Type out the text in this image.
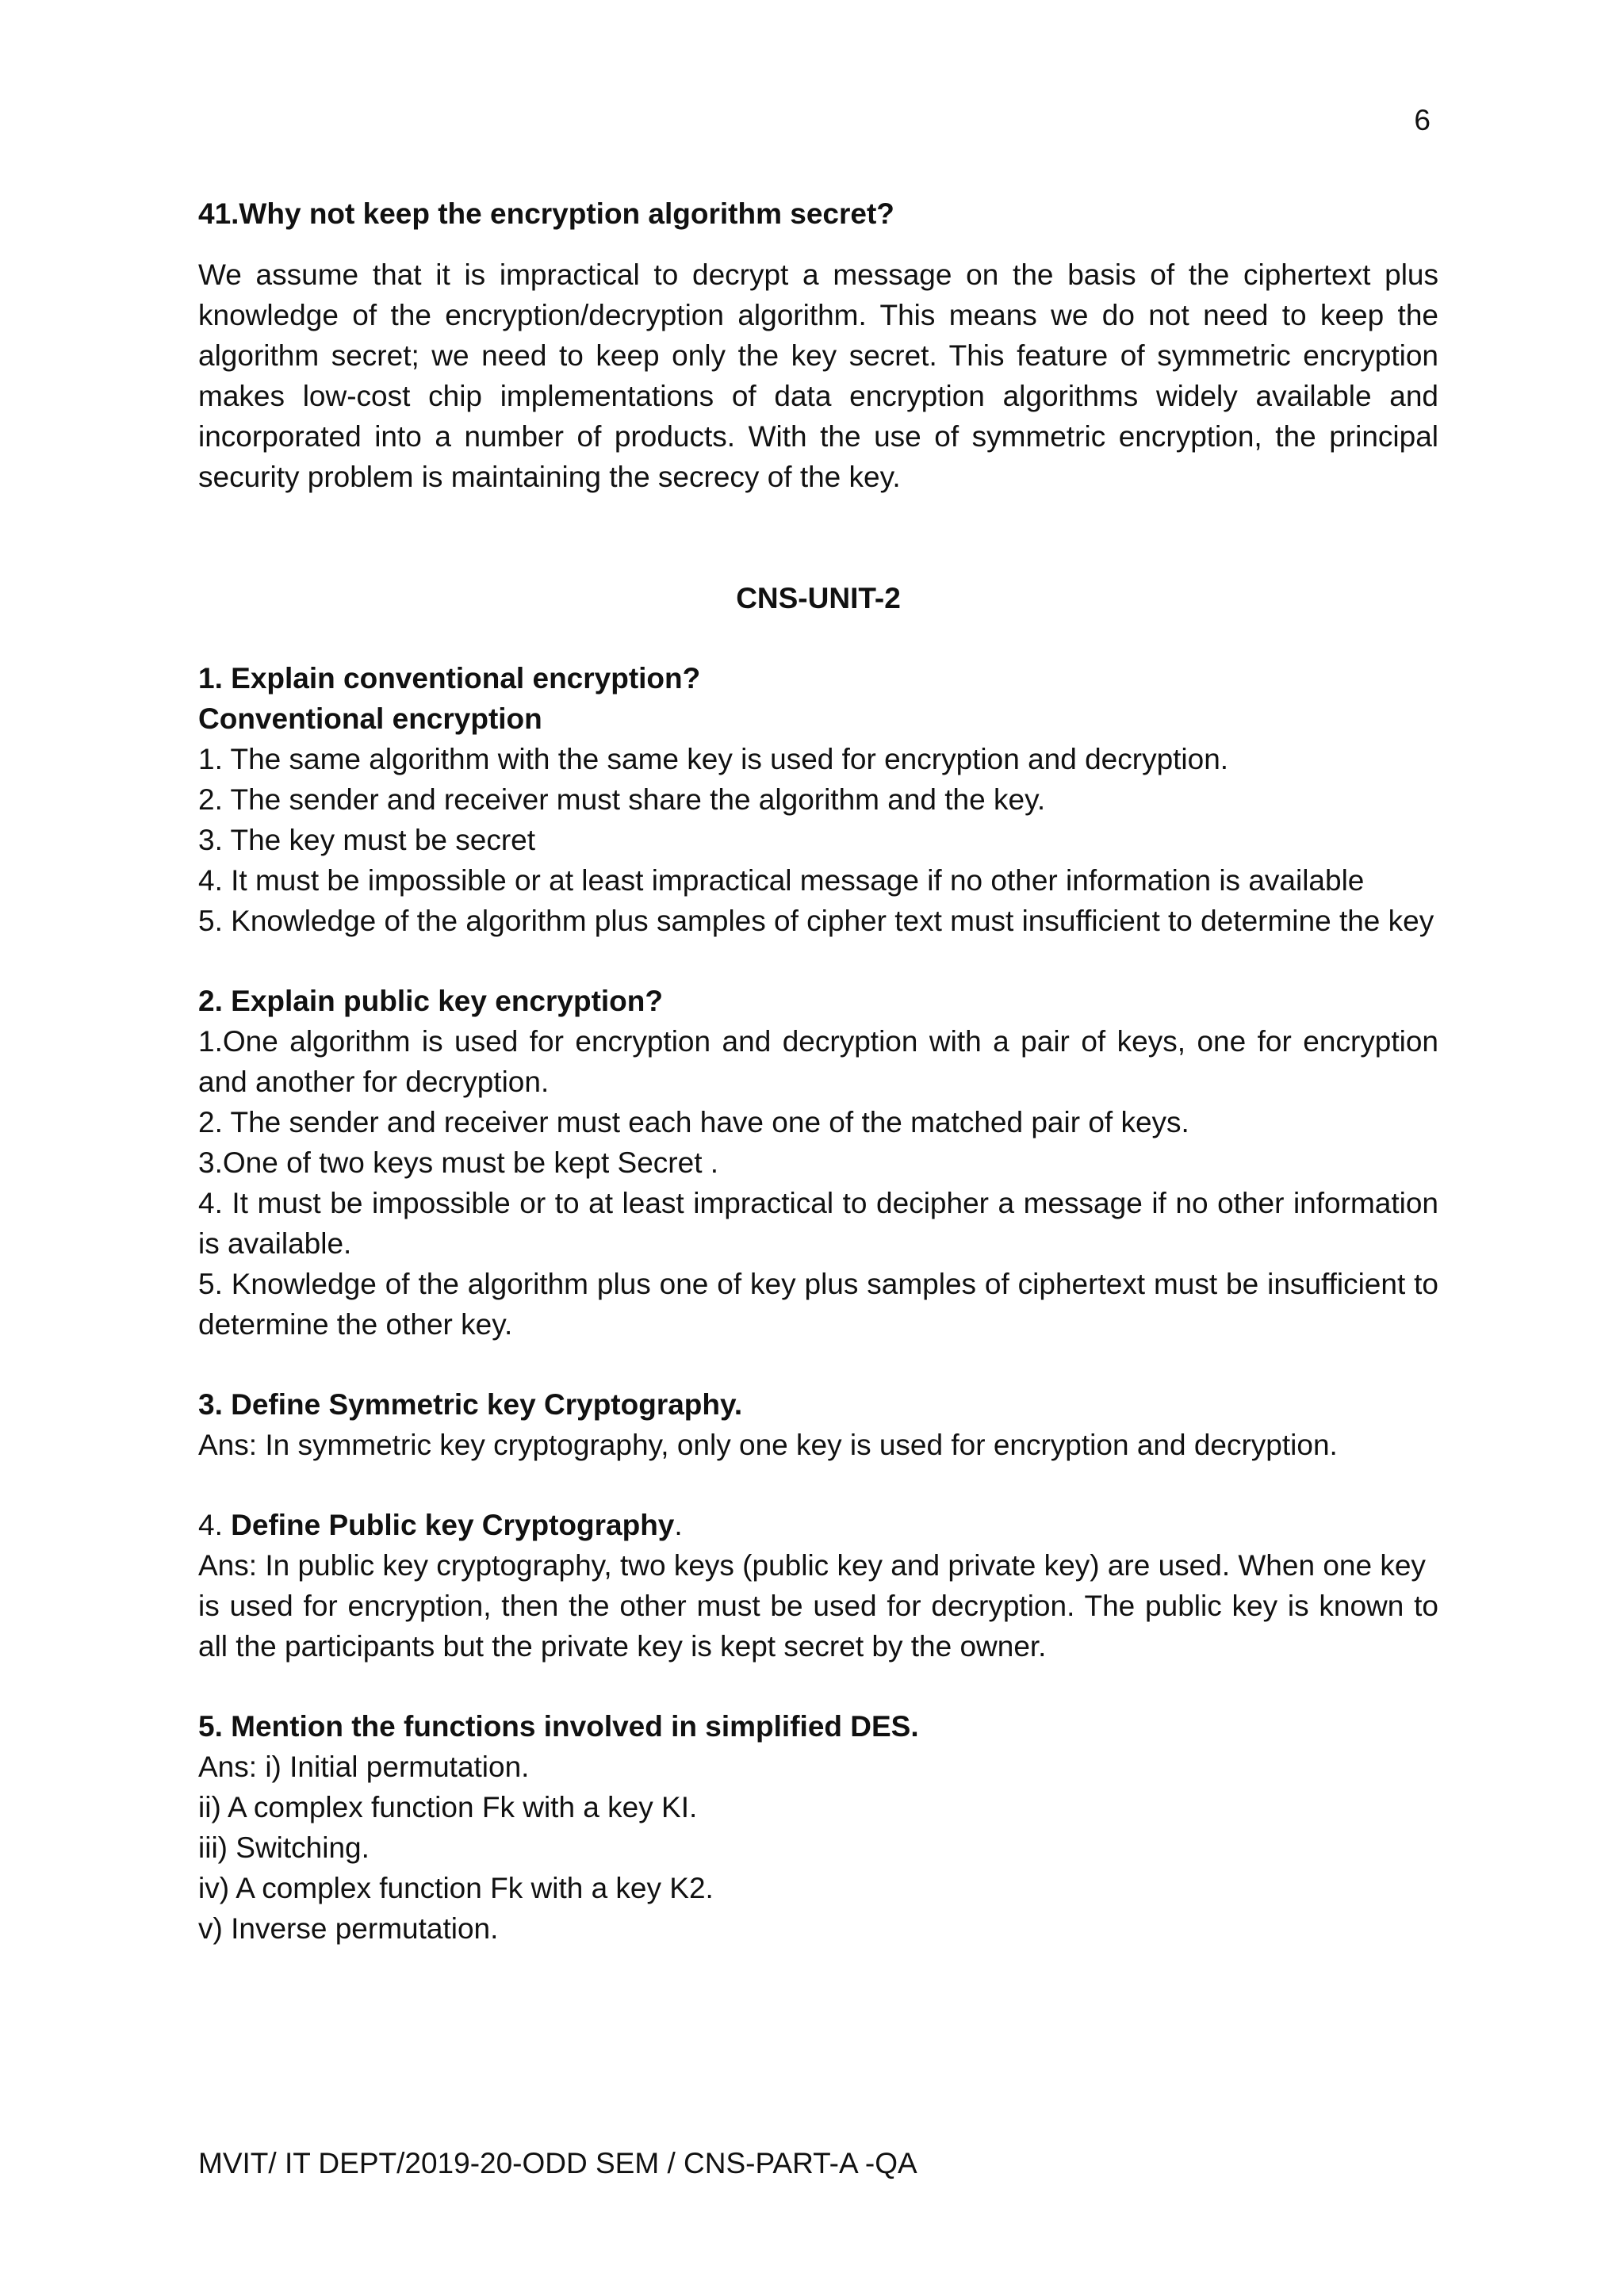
6

41.Why not keep the encryption algorithm secret?

We assume that it is impractical to decrypt a message on the basis of the ciphertext plus knowledge of the encryption/decryption algorithm. This means we do not need to keep the algorithm secret; we need to keep only the key secret. This feature of symmetric encryption makes low-cost chip implementations of data encryption algorithms widely available and incorporated into a number of products. With the use of symmetric encryption, the principal security problem is maintaining the secrecy of the key.

CNS-UNIT-2

1. Explain conventional encryption?

Conventional encryption

1. The same algorithm with the same key is used for encryption and decryption.

2. The sender and receiver must share the algorithm and the key.

3. The key must be secret

4. It must be impossible or at least impractical message if no other information is available

5. Knowledge of the algorithm plus samples of cipher text must insufficient to determine the key

2. Explain public key encryption?

1.One algorithm is used for encryption and decryption with a pair of keys, one for encryption and another for decryption.

2. The sender and receiver must each have one of the matched pair of keys.

3.One of two keys must be kept Secret .

4. It must be impossible or to at least impractical to decipher a message if no other information is available.

5. Knowledge of the algorithm plus one of key plus samples of ciphertext must be insufficient to determine the other key.

3. Define Symmetric key Cryptography.

Ans: In symmetric key cryptography, only one key is used for encryption and decryption.

4. Define Public key Cryptography.

Ans: In public key cryptography, two keys (public key and private key) are used. When one key

is used for encryption, then the other must be used for decryption. The public key is known to all the participants but the private key is kept secret by the owner.

5. Mention the functions involved in simplified DES.

Ans: i) Initial permutation.

ii) A complex function Fk with a key KI.

iii) Switching.

iv) A complex function Fk with a key K2.

v) Inverse permutation.

MVIT/ IT DEPT/2019-20-ODD SEM / CNS-PART-A -QA
